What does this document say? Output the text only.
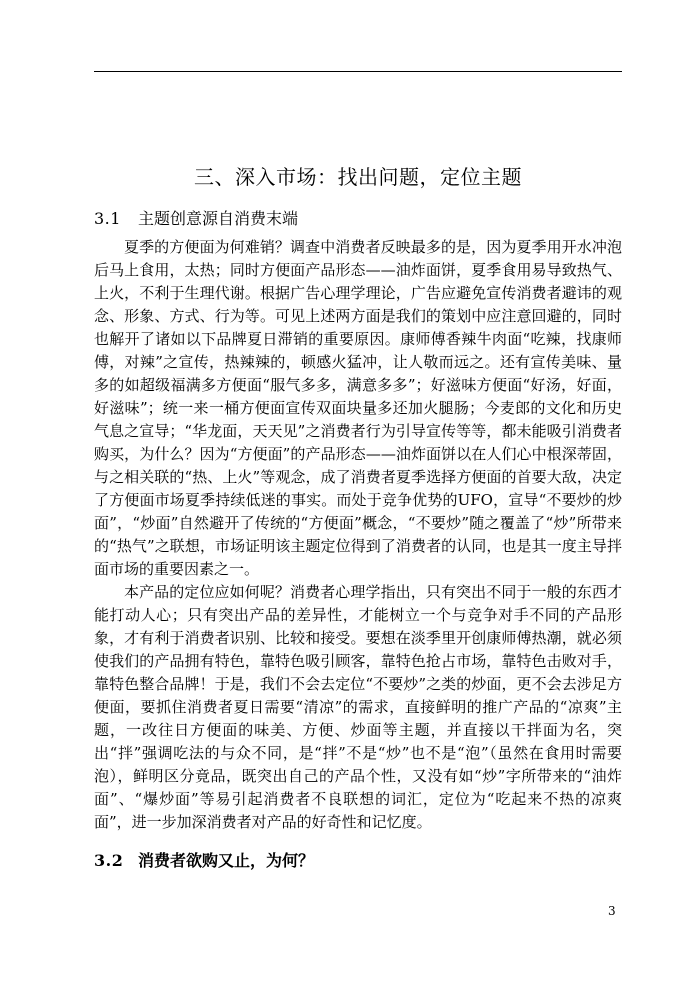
三、深入市场：找出问题，定位主题
3.1 主题创意源自消费末端

夏季的方便面为何难销？调查中消费者反映最多的是，因为夏季用开水冲泡后马上食用，太热；同时方便面产品形态——油炸面饼，夏季食用易导致热气、上火，不利于生理代谢。根据广告心理学理论，广告应避免宣传消费者避讳的观念、形象、方式、行为等。可见上述两方面是我们的策划中应注意回避的，同时也解开了诸如以下品牌夏日滞销的重要原因。康师傅香辣牛肉面“吃辣，找康师傅，对辣”之宣传，热辣辣的，顿感火猛冲，让人敬而远之。还有宣传美味、量多的如超级福满多方便面“服气多多，满意多多”；好滋味方便面“好汤，好面，好滋味”；统一来一桶方便面宣传双面块量多还加火腿肠；今麦郎的文化和历史气息之宣导；“华龙面，天天见”之消费者行为引导宣传等等，都未能吸引消费者购买，为什么？因为“方便面”的产品形态——油炸面饼以在人们心中根深蒂固，与之相关联的“热、上火”等观念，成了消费者夏季选择方便面的首要大敌，决定了方便面市场夏季持续低迷的事实。而处于竞争优势的UFO，宣导“不要炒的炒面”，“炒面”自然避开了传统的“方便面”概念，“不要炒”随之覆盖了“炒”所带来的“热气”之联想，市场证明该主题定位得到了消费者的认同，也是其一度主导拌面市场的重要因素之一。

本产品的定位应如何呢？消费者心理学指出，只有突出不同于一般的东西才能打动人心；只有突出产品的差异性，才能树立一个与竞争对手不同的产品形象，才有利于消费者识别、比较和接受。要想在淡季里开创康师傅热潮，就必须使我们的产品拥有特色，靠特色吸引顾客，靠特色抢占市场，靠特色击败对手，靠特色整合品牌！于是，我们不会去定位“不要炒”之类的炒面，更不会去涉足方便面，要抓住消费者夏日需要“清凉”的需求，直接鲜明的推广产品的“凉爽”主题，一改往日方便面的味美、方便、炒面等主题，并直接以干拌面为名，突出“拌”强调吃法的与众不同，是“拌”不是“炒”也不是“泡”（虽然在食用时需要泡），鲜明区分竟品，既突出自己的产品个性，又没有如“炒”字所带来的“油炸面”、“爆炒面”等易引起消费者不良联想的词汇，定位为“吃起来不热的凉爽面”，进一步加深消费者对产品的好奇性和记忆度。

3.2 消费者欲购又止，为何？
3
